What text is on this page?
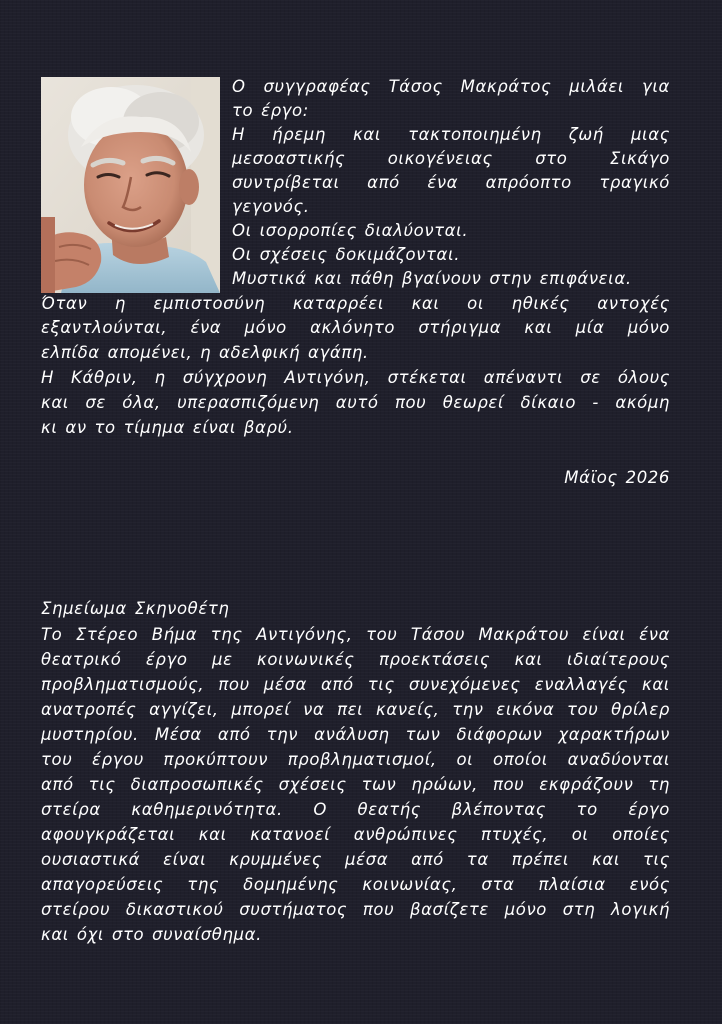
Ο συγγραφέας Τάσος Μακράτος μιλάει για
το έργο:
Η ήρεμη και τακτοποιημένη ζωή μιας
μεσοαστικής οικογένειας στο Σικάγο
συντρίβεται από ένα απρόοπτο τραγικό
γεγονός.
Οι ισορροπίες διαλύονται.
Οι σχέσεις δοκιμάζονται.
Μυστικά και πάθη βγαίνουν στην επιφάνεια.
Όταν η εμπιστοσύνη καταρρέει και οι ηθικές αντοχές
εξαντλούνται, ένα μόνο ακλόνητο στήριγμα και μία μόνο
ελπίδα απομένει, η αδελφική αγάπη.
Η Κάθριν, η σύγχρονη Αντιγόνη, στέκεται απέναντι σε όλους
και σε όλα, υπερασπιζόμενη αυτό που θεωρεί δίκαιο - ακόμη
κι αν το τίμημα είναι βαρύ.
Μάϊος 2026
Σημείωμα Σκηνοθέτη
Το Στέρεο Βήμα της Αντιγόνης, του Τάσου Μακράτου είναι ένα
θεατρικό έργο με κοινωνικές προεκτάσεις και ιδιαίτερους
προβληματισμούς, που μέσα από τις συνεχόμενες εναλλαγές και
ανατροπές αγγίζει, μπορεί να πει κανείς, την εικόνα του θρίλερ
μυστηρίου. Μέσα από την ανάλυση των διάφορων χαρακτήρων
του έργου προκύπτουν προβληματισμοί, οι οποίοι αναδύονται
από τις διαπροσωπικές σχέσεις των ηρώων, που εκφράζουν τη
στείρα καθημερινότητα. Ο θεατής βλέποντας το έργο
αφουγκράζεται και κατανοεί ανθρώπινες πτυχές, οι οποίες
ουσιαστικά είναι κρυμμένες μέσα από τα πρέπει και τις
απαγορεύσεις της δομημένης κοινωνίας, στα πλαίσια ενός
στείρου δικαστικού συστήματος που βασίζετε μόνο στη λογική
και όχι στο συναίσθημα.
